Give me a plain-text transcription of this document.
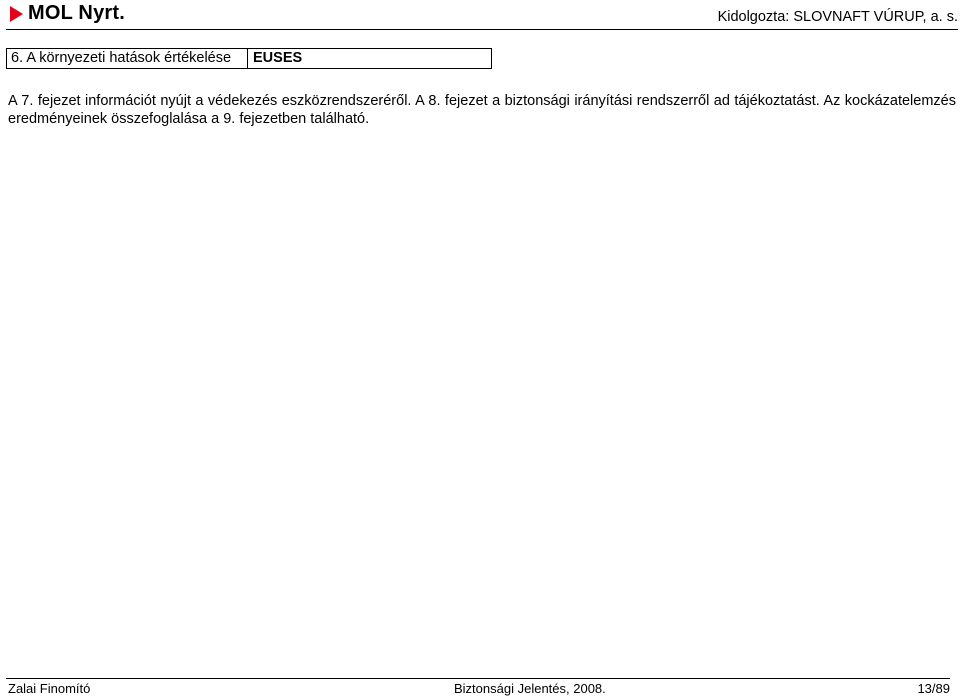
MOL Nyrt.	Kidolgozta: SLOVNAFT VÚRUP, a. s.
6. A környezeti hatások értékelése	EUSES
A 7. fejezet információt nyújt a védekezés eszközrendszeréről. A 8. fejezet a biztonsági irányítási rendszerről ad tájékoztatást. Az kockázatelemzés eredményeinek összefoglalása a 9. fejezetben található.
Zalai Finomító	Biztonsági Jelentés, 2008.	13/89
